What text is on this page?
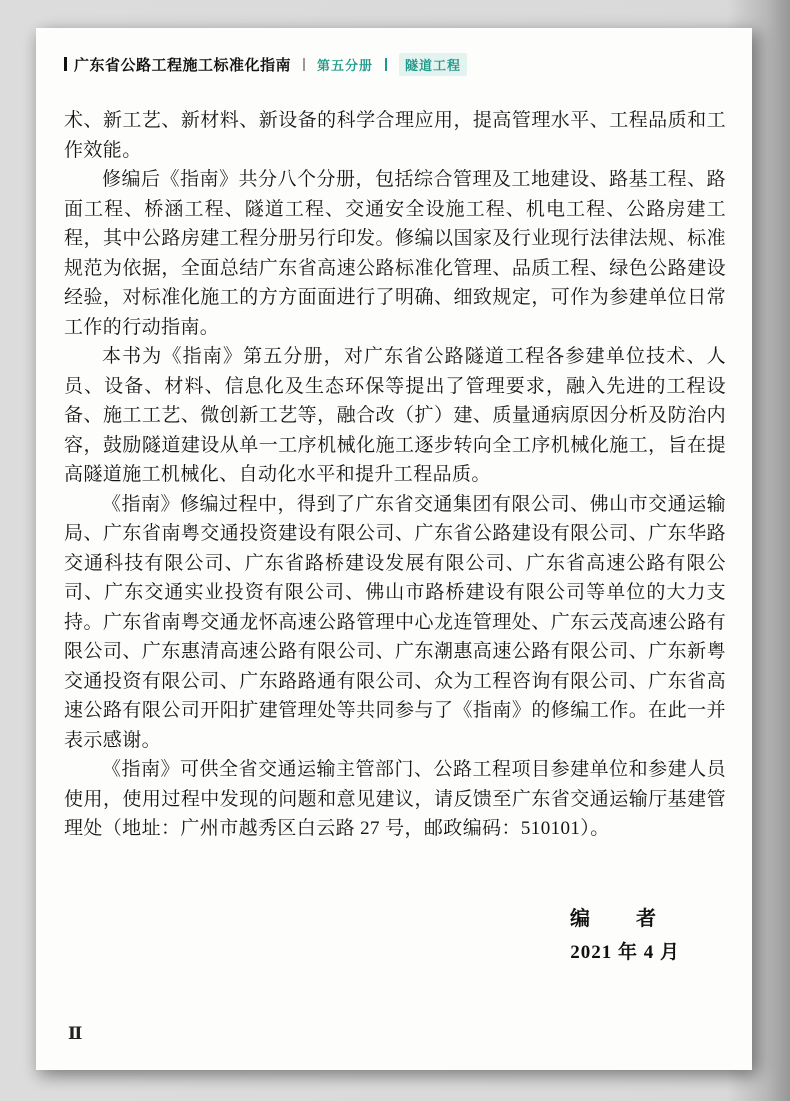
广东省公路工程施工标准化指南 第五分册	隧道工程

术、新工艺、新材料、新设备的科学合理应用，提高管理水平、工程品质和工作效能。

修编后《指南》共分八个分册，包括综合管理及工地建设、路基工程、路面工程、桥涵工程、隧道工程、交通安全设施工程、机电工程、公路房建工程，其中公路房建工程分册另行印发。修编以国家及行业现行法律法规、标准规范为依据，全面总结广东省高速公路标准化管理、品质工程、绿色公路建设经验，对标准化施工的方方面面进行了明确、细致规定，可作为参建单位日常工作的行动指南。

本书为《指南》第五分册，对广东省公路隧道工程各参建单位技术、人员、设备、材料、信息化及生态环保等提出了管理要求，融入先进的工程设备、施工工艺、微创新工艺等，融合改（扩）建、质量通病原因分析及防治内容，鼓励隧道建设从单一工序机械化施工逐步转向全工序机械化施工，旨在提高隧道施工机械化、自动化水平和提升工程品质。

《指南》修编过程中，得到了广东省交通集团有限公司、佛山市交通运输局、广东省南粤交通投资建设有限公司、广东省公路建设有限公司、广东华路交通科技有限公司、广东省路桥建设发展有限公司、广东省高速公路有限公司、广东交通实业投资有限公司、佛山市路桥建设有限公司等单位的大力支持。广东省南粤交通龙怀高速公路管理中心龙连管理处、广东云茂高速公路有限公司、广东惠清高速公路有限公司、广东潮惠高速公路有限公司、广东新粤交通投资有限公司、广东路路通有限公司、众为工程咨询有限公司、广东省高速公路有限公司开阳扩建管理处等共同参与了《指南》的修编工作。在此一并表示感谢。

《指南》可供全省交通运输主管部门、公路工程项目参建单位和参建人员使用，使用过程中发现的问题和意见建议，请反馈至广东省交通运输厅基建管理处（地址：广州市越秀区白云路 27 号，邮政编码：510101）。

编　　者
2021 年 4 月
Ⅱ
